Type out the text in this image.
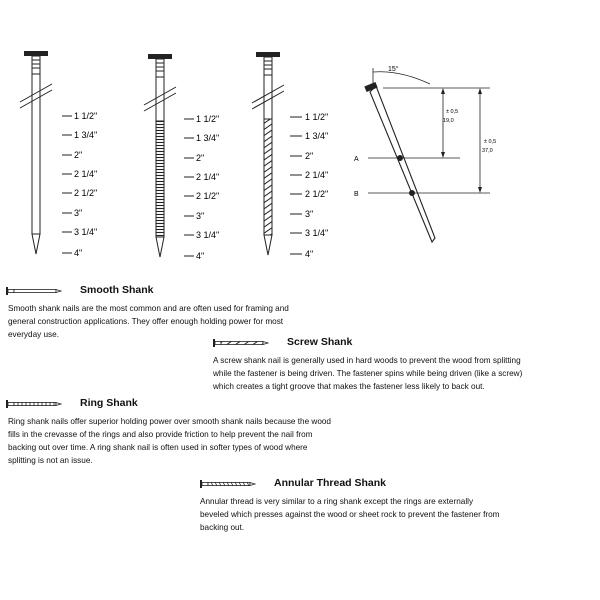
1 1/2"
1 3/4"
2"
2 1/4"
2 1/2"
3"
3 1/4"
4"
1 1/2"
1 3/4"
2"
2 1/4"
2 1/2"
3"
3 1/4"
4"
1 1/2"
1 3/4"
2"
2 1/4"
2 1/2"
3"
3 1/4"
4"
15°
A
B
± 0,5
19,0
± 0,5
37,0
Smooth Shank
Smooth shank nails are the most common and are often used for framing and general construction applications. They offer enough holding power for most everyday use.
Screw Shank
A screw shank nail is generally used in hard woods to prevent the wood from splitting while the fastener is being driven. The fastener spins while being driven (like a screw) which creates a tight groove that makes the fastener less likely to back out.
Ring Shank
Ring shank nails offer superior holding power over smooth shank nails because the wood fills in the crevasse of the rings and also provide friction to help prevent the nail from backing out over time. A ring shank nail is often used in softer types of wood where splitting is not an issue.
Annular Thread Shank
Annular thread is very similar to a ring shank except the rings are externally beveled which presses against the wood or sheet rock to prevent the fastener from backing out.
